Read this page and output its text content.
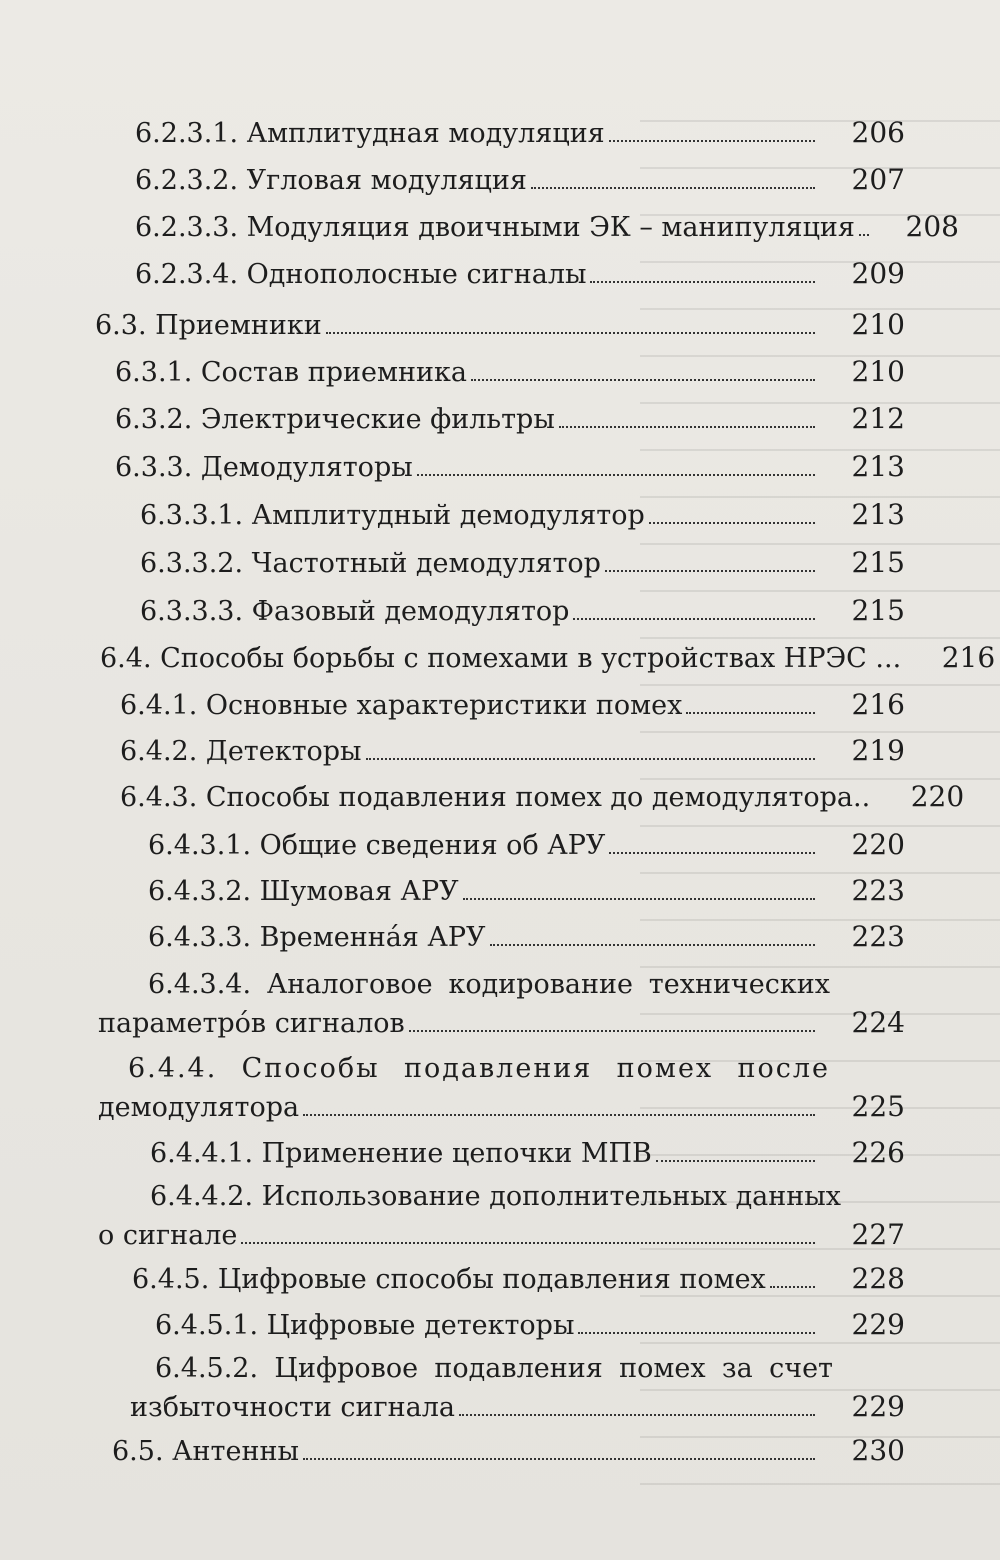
6.2.3.1. Амплитудная модуляция	206
6.2.3.2. Угловая модуляция	207
6.2.3.3. Модуляция двоичными ЭК – манипуляция	208
6.2.3.4. Однополосные сигналы	209
6.3. Приемники	210
6.3.1. Состав приемника	210
6.3.2. Электрические фильтры	212
6.3.3. Демодуляторы	213
6.3.3.1. Амплитудный демодулятор	213
6.3.3.2. Частотный демодулятор	215
6.3.3.3. Фазовый демодулятор	215
6.4. Способы борьбы с помехами в устройствах НРЭС ...	216
6.4.1. Основные характеристики помех	216
6.4.2. Детекторы	219
6.4.3. Способы подавления помех до демодулятора..	220
6.4.3.1. Общие сведения об АРУ	220
6.4.3.2. Шумовая АРУ	223
6.4.3.3. Временна́я АРУ	223
6.4.3.4. Аналоговое кодирование технических
параметро́в сигналов	224
6.4.4. Способы подавления помех после
демодулятора	225
6.4.4.1. Применение цепочки МПВ	226
6.4.4.2. Использование дополнительных данных
о сигнале	227
6.4.5. Цифровые способы подавления помех	228
6.4.5.1. Цифровые детекторы	229
6.4.5.2. Цифровое подавления помех за счет
избыточности сигнала	229
6.5. Антенны	230
